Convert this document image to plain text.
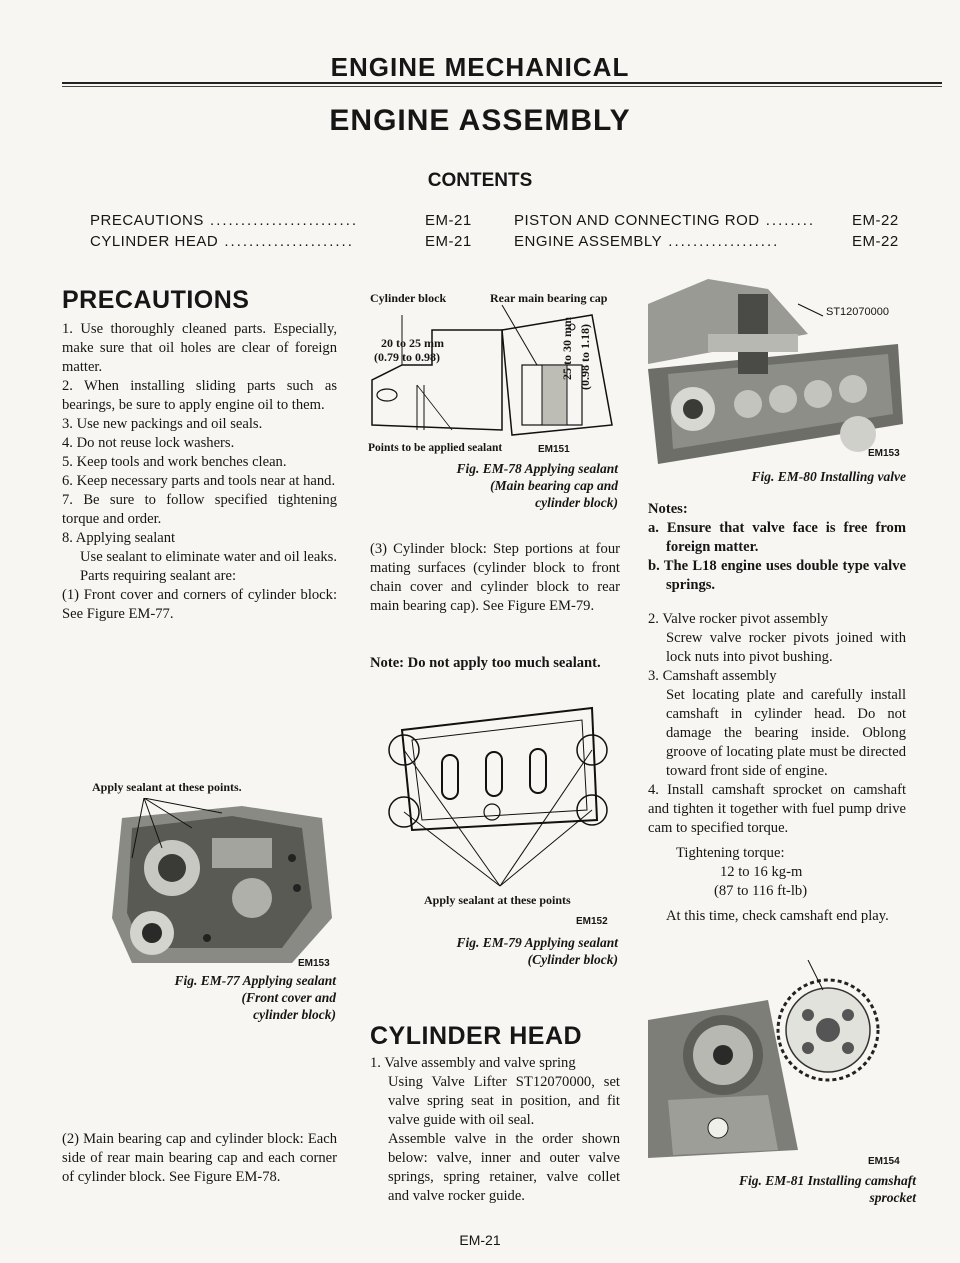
ENGINE MECHANICAL
ENGINE ASSEMBLY
CONTENTS
PRECAUTIONS ........................	EM-21
CYLINDER HEAD .....................	EM-21
PISTON AND CONNECTING ROD ........ EM-22
ENGINE ASSEMBLY ..................	EM-22
PRECAUTIONS

1. Use thoroughly cleaned parts. Especially, make sure that oil holes are clear of foreign matter.

2. When installing sliding parts such as bearings, be sure to apply engine oil to them.

3. Use new packings and oil seals.

4. Do not reuse lock washers.

5. Keep tools and work benches clean.

6. Keep necessary parts and tools near at hand.

7. Be sure to follow specified tightening torque and order.

8. Applying sealant

Use sealant to eliminate water and oil leaks. Parts requiring sealant are:

(1) Front cover and corners of cylinder block: See Figure EM-77.

Apply sealant at these points.
EM153
Fig. EM-77 Applying sealant
(Front cover and
cylinder block)
(2) Main bearing cap and cylinder block: Each side of rear main bearing cap and each corner of cylinder block. See Figure EM-78.
Cylinder block	Rear main bearing cap
20 to 25 mm
(0.79 to 0.98)	25 to 30 mm (0.98 to 1.18)
Points to be applied sealant	EM151
Fig. EM-78 Applying sealant
(Main bearing cap and
cylinder block)
(3) Cylinder block: Step portions at four mating surfaces (cylinder block to front chain cover and cylinder block to rear main bearing cap). See Figure EM-79.
Note: Do not apply too much sealant.
Apply sealant at these points
EM152
Fig. EM-79 Applying sealant
(Cylinder block)
CYLINDER HEAD

1. Valve assembly and valve spring

Using Valve Lifter ST12070000, set valve spring seat in position, and fit valve guide with oil seal.

Assemble valve in the order shown below: valve, inner and outer valve springs, spring retainer, valve collet and valve rocker guide.

EM-21
ST12070000
EM153
Fig. EM-80 Installing valve

Notes:

a. Ensure that valve face is free from foreign matter.

b. The L18 engine uses double type valve springs.

2. Valve rocker pivot assembly

Screw valve rocker pivots joined with lock nuts into pivot bushing.

3. Camshaft assembly

Set locating plate and carefully install camshaft in cylinder head. Do not damage the bearing inside. Oblong groove of locating plate must be directed toward front side of engine.

4. Install camshaft sprocket on camshaft and tighten it together with fuel pump drive cam to specified torque.

Tightening torque:

12 to 16 kg-m

(87 to 116 ft-lb)

At this time, check camshaft end play.

EM154
Fig. EM-81 Installing camshaft
sprocket
